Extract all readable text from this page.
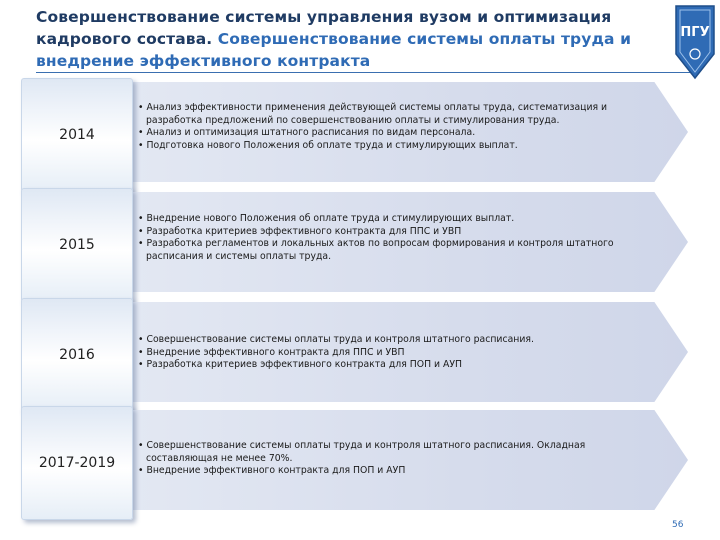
Совершенствование системы управления вузом и оптимизация кадрового состава. Совершенствование системы оплаты труда и внедрение эффективного контракта
ПГУ
2014
• Анализ эффективности применения действующей системы оплаты труда, систематизация и разработка предложений по совершенствованию оплаты и стимулирования труда.
• Анализ и оптимизация штатного расписания по видам персонала.
• Подготовка нового Положения об оплате труда и стимулирующих выплат.
2015
• Внедрение нового Положения об оплате труда и стимулирующих выплат.
• Разработка критериев эффективного контракта для ППС и УВП
• Разработка регламентов и локальных актов по вопросам формирования и контроля штатного расписания и системы оплаты труда.
2016
• Совершенствование системы оплаты труда и контроля штатного расписания.
• Внедрение эффективного контракта для ППС и УВП
• Разработка критериев эффективного контракта для ПОП и АУП
2017-2019
• Совершенствование системы оплаты труда и контроля штатного расписания. Окладная составляющая не менее 70%.
• Внедрение эффективного контракта для ПОП и АУП
56
